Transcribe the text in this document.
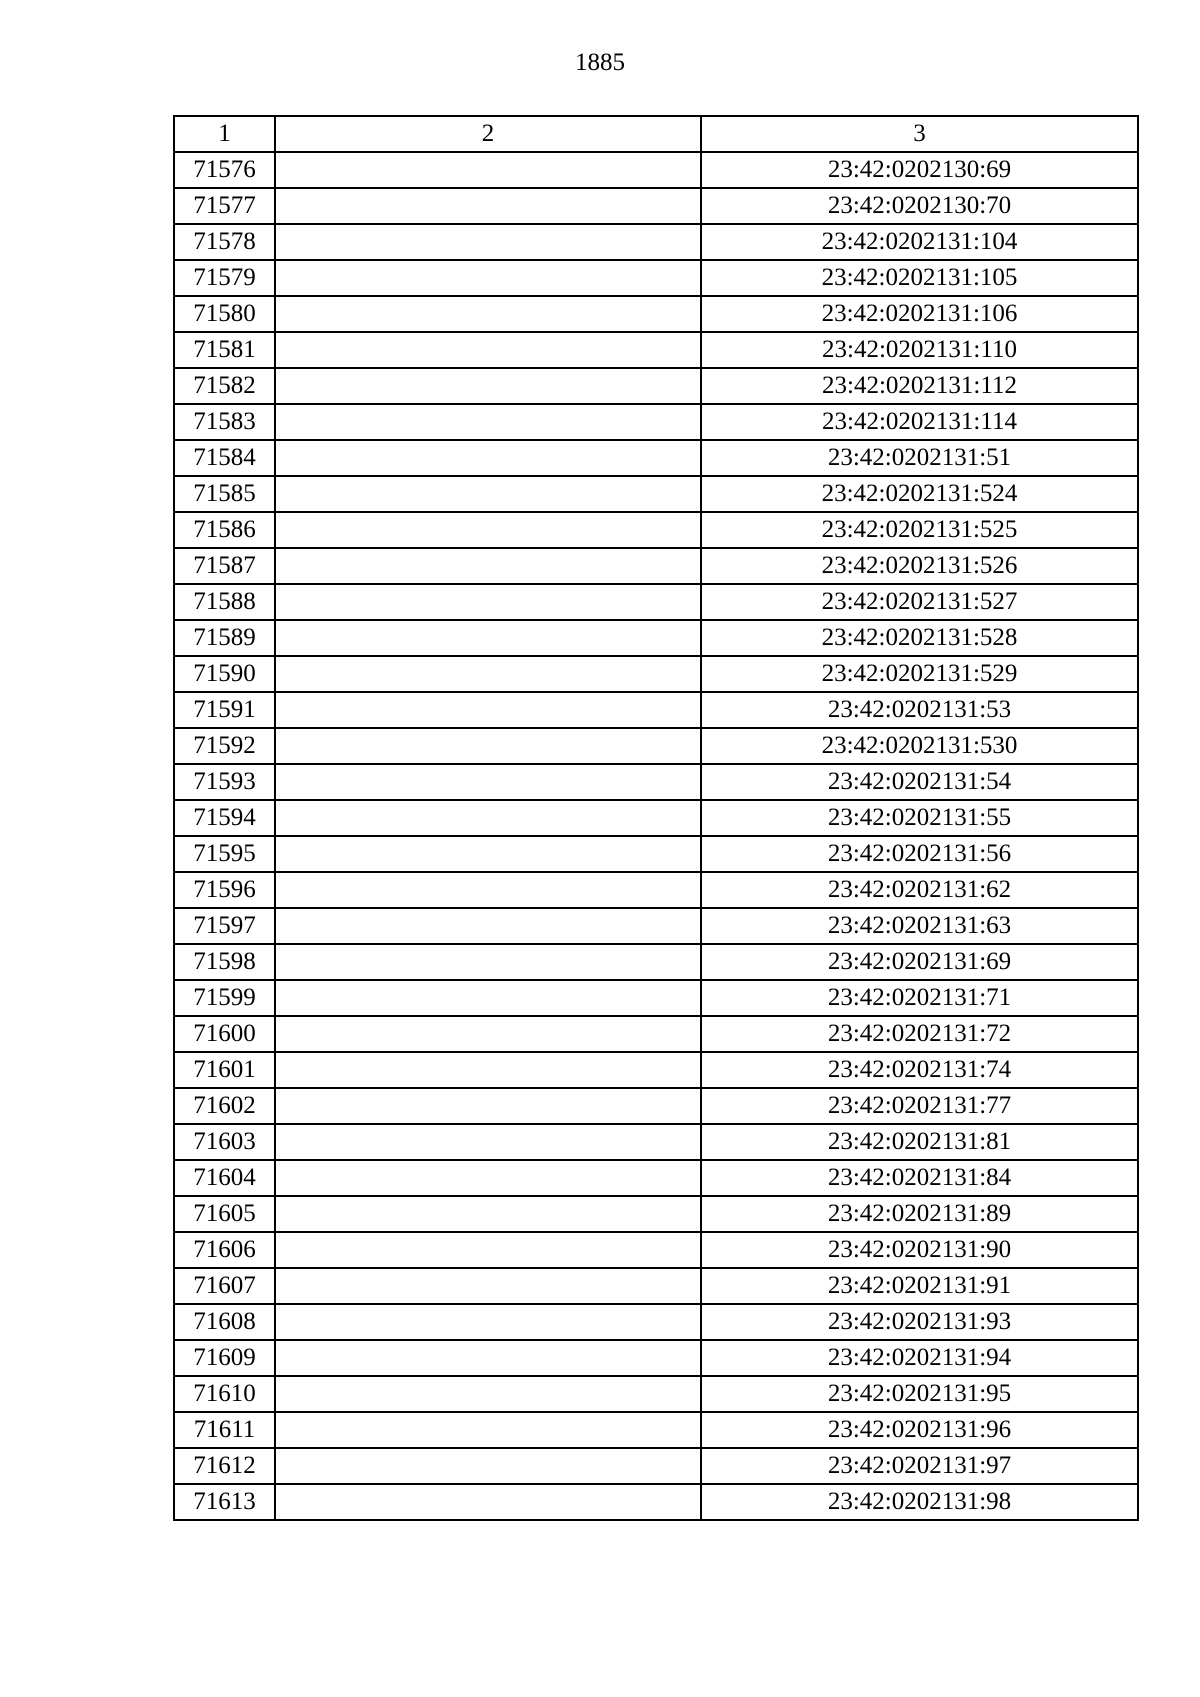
1885
1	2	3
71576		23:42:0202130:69
71577		23:42:0202130:70
71578		23:42:0202131:104
71579		23:42:0202131:105
71580		23:42:0202131:106
71581		23:42:0202131:110
71582		23:42:0202131:112
71583		23:42:0202131:114
71584		23:42:0202131:51
71585		23:42:0202131:524
71586		23:42:0202131:525
71587		23:42:0202131:526
71588		23:42:0202131:527
71589		23:42:0202131:528
71590		23:42:0202131:529
71591		23:42:0202131:53
71592		23:42:0202131:530
71593		23:42:0202131:54
71594		23:42:0202131:55
71595		23:42:0202131:56
71596		23:42:0202131:62
71597		23:42:0202131:63
71598		23:42:0202131:69
71599		23:42:0202131:71
71600		23:42:0202131:72
71601		23:42:0202131:74
71602		23:42:0202131:77
71603		23:42:0202131:81
71604		23:42:0202131:84
71605		23:42:0202131:89
71606		23:42:0202131:90
71607		23:42:0202131:91
71608		23:42:0202131:93
71609		23:42:0202131:94
71610		23:42:0202131:95
71611		23:42:0202131:96
71612		23:42:0202131:97
71613		23:42:0202131:98
